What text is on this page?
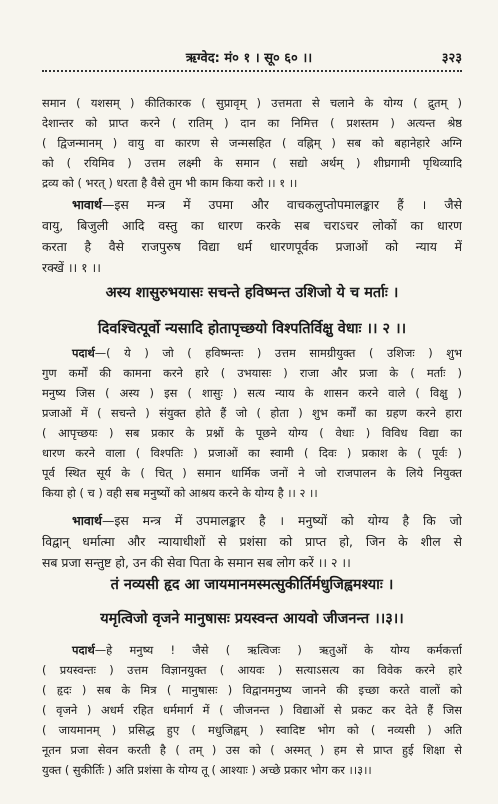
ऋग्वेद: मं० १ । सू० ६० ।।	३२३
समान ( यशसम् ) कीतिकारक ( सुप्रावृम् ) उत्तमता से चलाने के योग्य ( द्रुतम् )
देशान्तर को प्राप्त करने ( रातिम् ) दान का निमित्त ( प्रशस्तम ) अत्यन्त श्रेष्ठ
( द्विजन्मानम् ) वायु वा कारण से जन्मसहित ( वह्निम् ) सब को बहानेहारे अग्नि
को ( रयिमिव ) उत्तम लक्ष्मी के समान ( सद्यो अर्थम् ) शीघ्रगामी पृथिव्यादि
द्रव्य को ( भरत् ) धरता है वैसे तुम भी काम किया करो ।। १ ।।
भावार्थ—इस मन्त्र में उपमा और वाचकलुप्तोपमालङ्कार हैं । जैसे
वायु, बिजुली आदि वस्तु का धारण करके सब चराऽचर लोकों का धारण
करता है वैसे राजपुरुष विद्या धर्म धारणपूर्वक प्रजाओं को न्याय में
रक्खें ।। १ ।।
अस्य शासुरुभयासः सचन्ते हविष्मन्त उशिजो ये च मर्ताः ।
दिवश्चित्पूर्वो न्यसादि होतापृच्छयो विश्पतिर्विक्षु वेधाः ।। २ ।।
पदार्थ—( ये ) जो ( हविष्मन्तः ) उत्तम सामग्रीयुक्त ( उशिजः ) शुभ
गुण कर्मों की कामना करने हारे ( उभयासः ) राजा और प्रजा के ( मर्ताः )
मनुष्य जिस ( अस्य ) इस ( शासुः ) सत्य न्याय के शासन करने वाले ( विक्षु )
प्रजाओं में ( सचन्ते ) संयुक्त होते हैं जो ( होता ) शुभ कर्मों का ग्रहण करने हारा
( आपृच्छयः ) सब प्रकार के प्रश्नों के पूछने योग्य ( वेधाः ) विविध विद्या का
धारण करने वाला ( विश्पतिः ) प्रजाओं का स्वामी ( दिवः ) प्रकाश के ( पूर्वः )
पूर्व स्थित सूर्य के ( चित् ) समान धार्मिक जनों ने जो राजपालन के लिये नियुक्त
किया हो ( च ) वही सब मनुष्यों को आश्रय करने के योग्य है ।। २ ।।
भावार्थ—इस मन्त्र में उपमालङ्कार है । मनुष्यों को योग्य है कि जो
विद्वान् धर्मात्मा और न्यायाधीशों से प्रशंसा को प्राप्त हो, जिन के शील से
सब प्रजा सन्तुष्ट हो, उन की सेवा पिता के समान सब लोग करें ।। २ ।।
तं नव्यसी हृद आ जायमानमस्मत्सुकीर्तिर्मधुजिह्वमश्याः ।
यमृत्विजो वृजने मानुषासः प्रयस्वन्त आयवो जीजनन्त ।।३।।
पदार्थ—हे मनुष्य ! जैसे ( ऋत्विजः ) ऋतुओं के योग्य कर्मकर्त्ता
( प्रयस्वन्तः ) उत्तम विज्ञानयुक्त ( आयवः ) सत्याऽसत्य का विवेक करने हारे
( हृदः ) सब के मित्र ( मानुषासः ) विद्वानमनुष्य जानने की इच्छा करते वालों को
( वृजने ) अधर्म रहित धर्ममार्ग में ( जीजनन्त ) विद्याओं से प्रकट कर देते हैं जिस
( जायमानम् ) प्रसिद्ध हुए ( मधुजिह्वम् ) स्वादिष्ट भोग को ( नव्यसी ) अति
नूतन प्रजा सेवन करती है ( तम् ) उस को ( अस्मत् ) हम से प्राप्त हुई शिक्षा से
युक्त ( सुकीर्तिः ) अति प्रशंसा के योग्य तू ( आश्याः ) अच्छे प्रकार भोग कर ।।३।।
